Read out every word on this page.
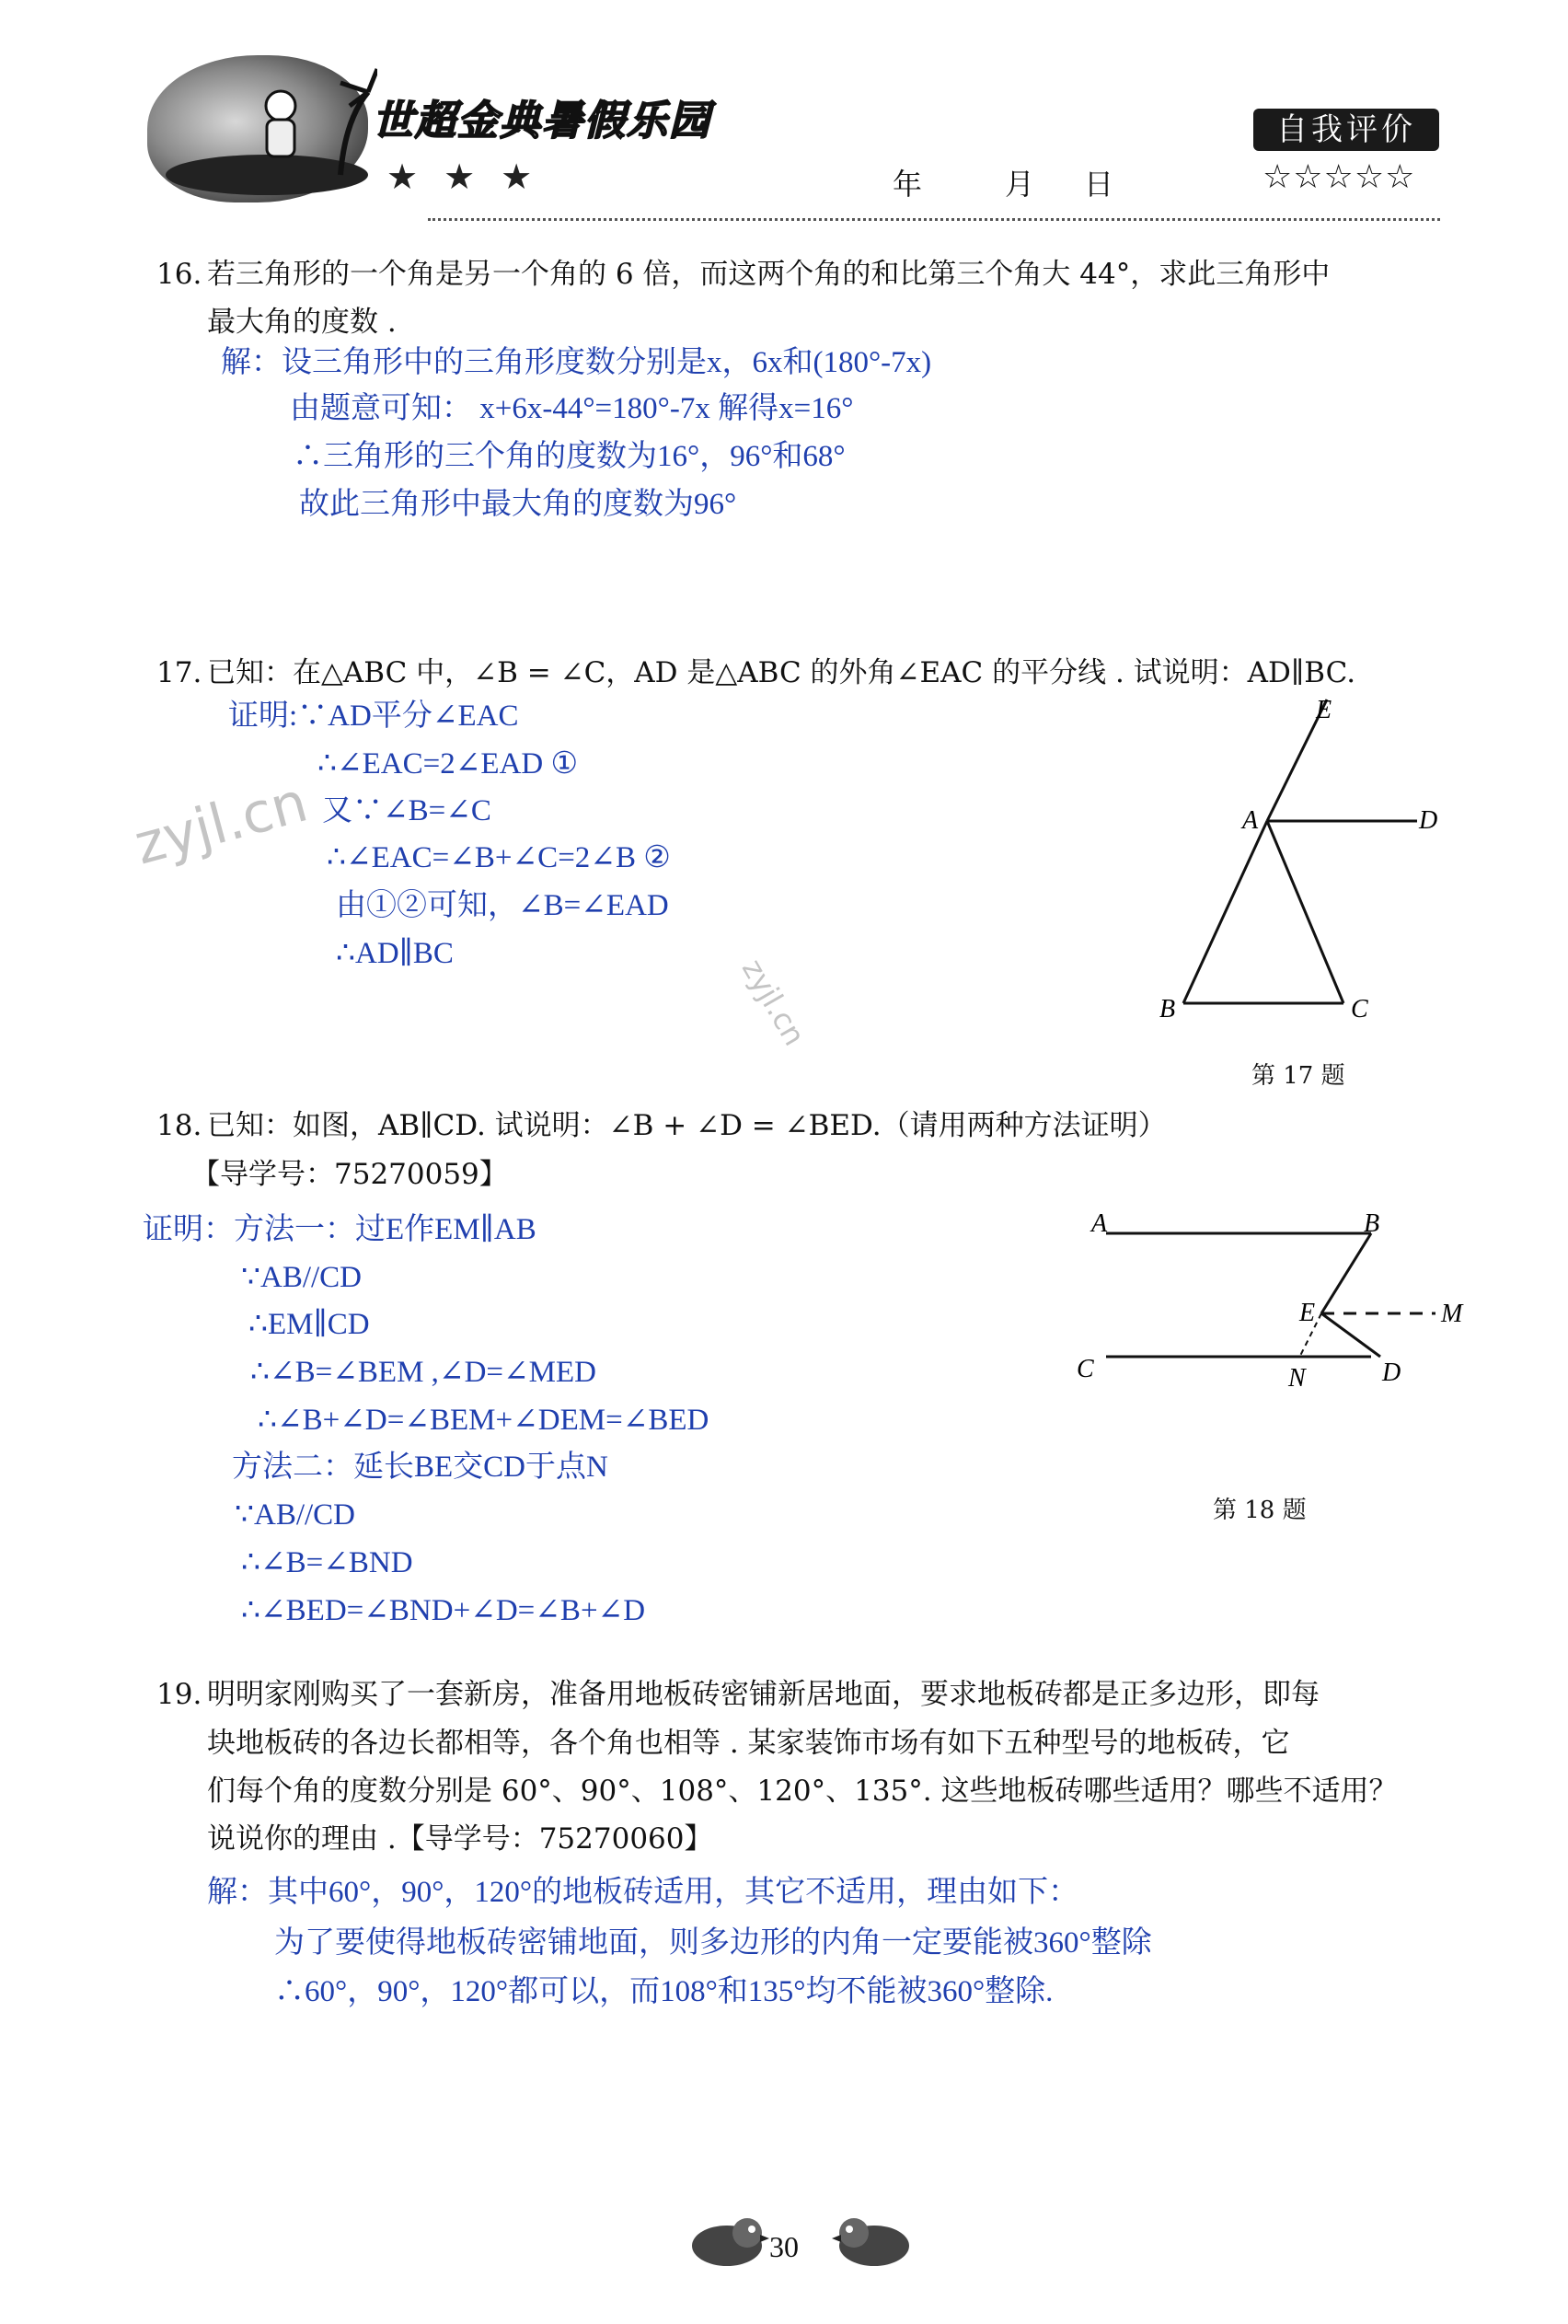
世超金典暑假乐园
★★★
自我评价
年	月 日	☆☆☆☆☆
16. 若三角形的一个角是另一个角的 6 倍，而这两个角的和比第三个角大 44°，求此三角形中
最大角的度数 .
解：设三角形中的三角形度数分别是x，6x和(180°-7x)
由题意可知： x+6x-44°=180°-7x 解得x=16°
∴三角形的三个角的度数为16°，96°和68°
故此三角形中最大角的度数为96°
17. 已知：在△ABC 中，∠B = ∠C，AD 是△ABC 的外角∠EAC 的平分线 . 试说明：AD∥BC.
证明:∵AD平分∠EAC
∴∠EAC=2∠EAD ①
又∵∠B=∠C
∴∠EAC=∠B+∠C=2∠B ②
由①②可知，∠B=∠EAD
∴AD∥BC
E
A	D
B	C
第 17 题
18. 已知：如图，AB∥CD. 试说明：∠B + ∠D = ∠BED.（请用两种方法证明）
【导学号：75270059】
证明：方法一：过E作EM∥AB
∵AB//CD
∴EM∥CD
∴∠B=∠BEM ,∠D=∠MED
∴∠B+∠D=∠BEM+∠DEM=∠BED
方法二：延长BE交CD于点N
∵AB//CD
∴∠B=∠BND
∴∠BED=∠BND+∠D=∠B+∠D
A	B
E	M
C	N	D
第 18 题
19. 明明家刚购买了一套新房，准备用地板砖密铺新居地面，要求地板砖都是正多边形，即每
块地板砖的各边长都相等，各个角也相等 . 某家装饰市场有如下五种型号的地板砖，它
们每个角的度数分别是 60°、90°、108°、120°、135°. 这些地板砖哪些适用？哪些不适用？
说说你的理由 .【导学号：75270060】
解：其中60°，90°，120°的地板砖适用，其它不适用，理由如下：
为了要使得地板砖密铺地面，则多边形的内角一定要能被360°整除
∴60°，90°，120°都可以，而108°和135°均不能被360°整除.
zyjl.cn
zyjl.cn
30
